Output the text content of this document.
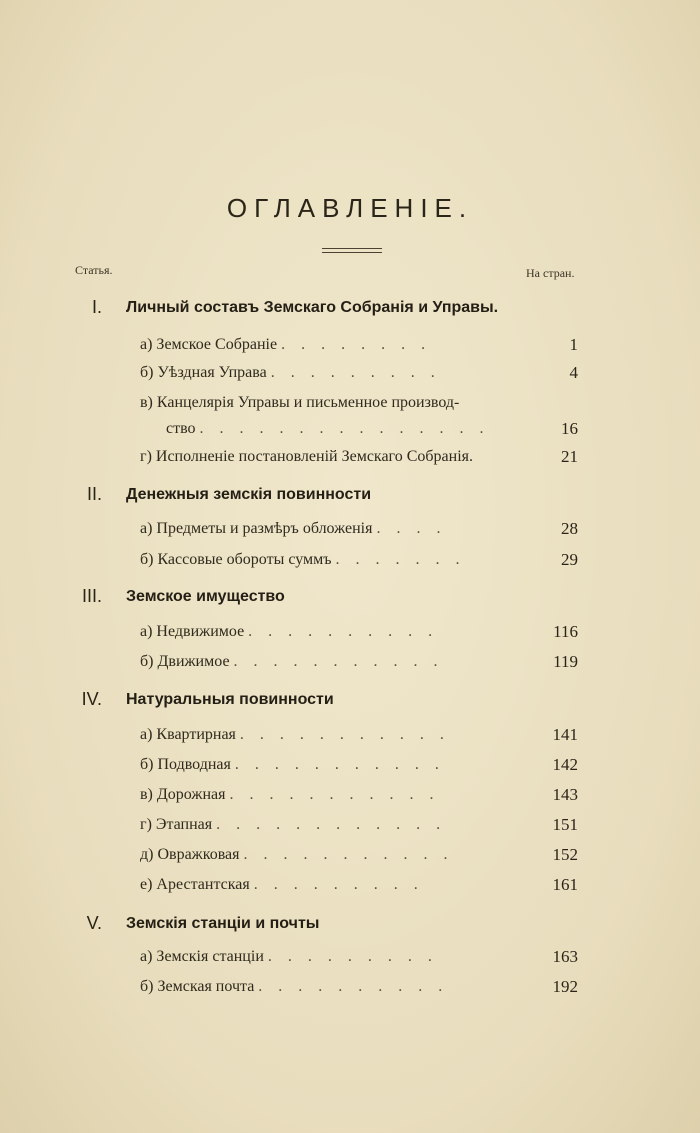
ОГЛАВЛЕНІЕ.
Статья.	На стран.
I. Личный составъ Земскаго Собранія и Управы.
а) Земское Собраніе . . . . . . . .	1
б) Уѣздная Управа . . . . . . . . .	4
в) Канцелярія Управы и письменное производ-
ство . . . . . . . . . . . . . . .	16
г) Исполненіе постановленій Земскаго Собранія.	21
II. Денежныя земскія повинности
а) Предметы и размѣръ обложенія . . . .	28
б) Кассовые обороты суммъ . . . . . . .	29
III. Земское имущество
а) Недвижимое . . . . . . . . . .	116
б) Движимое . . . . . . . . . . .	119
IV. Натуральныя повинности
а) Квартирная . . . . . . . . . . .	141
б) Подводная . . . . . . . . . . .	142
в) Дорожная . . . . . . . . . . .	143
г) Этапная . . . . . . . . . . . .	151
д) Овражковая . . . . . . . . . . .	152
е) Арестантская . . . . . . . . .	161
V. Земскія станціи и почты
а) Земскія станціи . . . . . . . . .	163
б) Земская почта . . . . . . . . . .	192
